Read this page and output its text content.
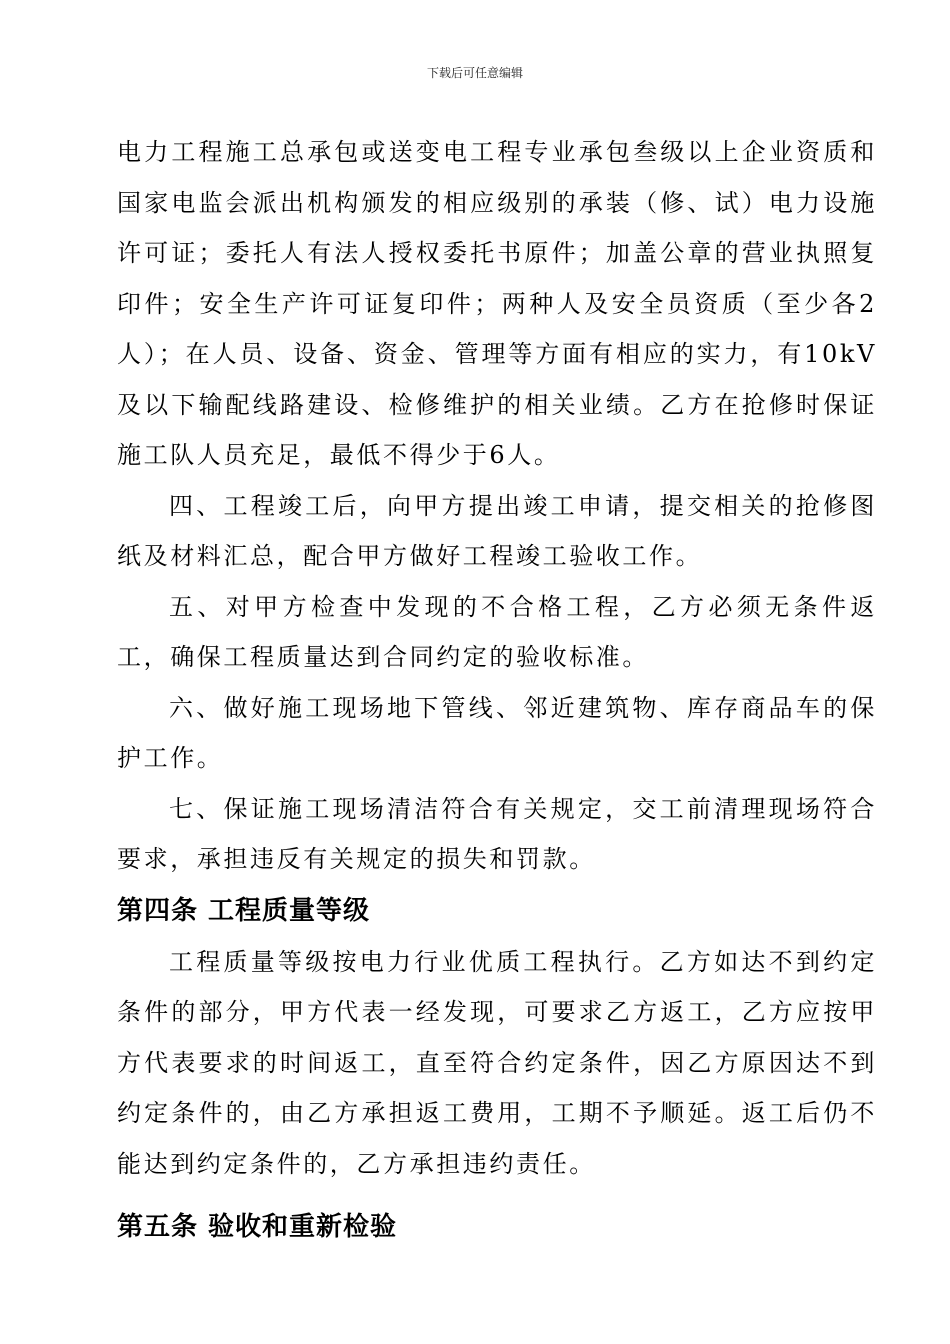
下载后可任意编辑

电力工程施工总承包或送变电工程专业承包叁级以上企业资质和国家电监会派出机构颁发的相应级别的承装（修、试）电力设施许可证；委托人有法人授权委托书原件；加盖公章的营业执照复印件；安全生产许可证复印件；两种人及安全员资质（至少各2人）；在人员、设备、资金、管理等方面有相应的实力，有10kV及以下输配线路建设、检修维护的相关业绩。乙方在抢修时保证施工队人员充足，最低不得少于6人。

四、工程竣工后，向甲方提出竣工申请，提交相关的抢修图纸及材料汇总，配合甲方做好工程竣工验收工作。

五、对甲方检查中发现的不合格工程，乙方必须无条件返工，确保工程质量达到合同约定的验收标准。

六、做好施工现场地下管线、邻近建筑物、库存商品车的保护工作。

七、保证施工现场清洁符合有关规定，交工前清理现场符合要求，承担违反有关规定的损失和罚款。

第四条 工程质量等级

工程质量等级按电力行业优质工程执行。乙方如达不到约定条件的部分，甲方代表一经发现，可要求乙方返工，乙方应按甲方代表要求的时间返工，直至符合约定条件，因乙方原因达不到约定条件的，由乙方承担返工费用，工期不予顺延。返工后仍不能达到约定条件的，乙方承担违约责任。

第五条 验收和重新检验
